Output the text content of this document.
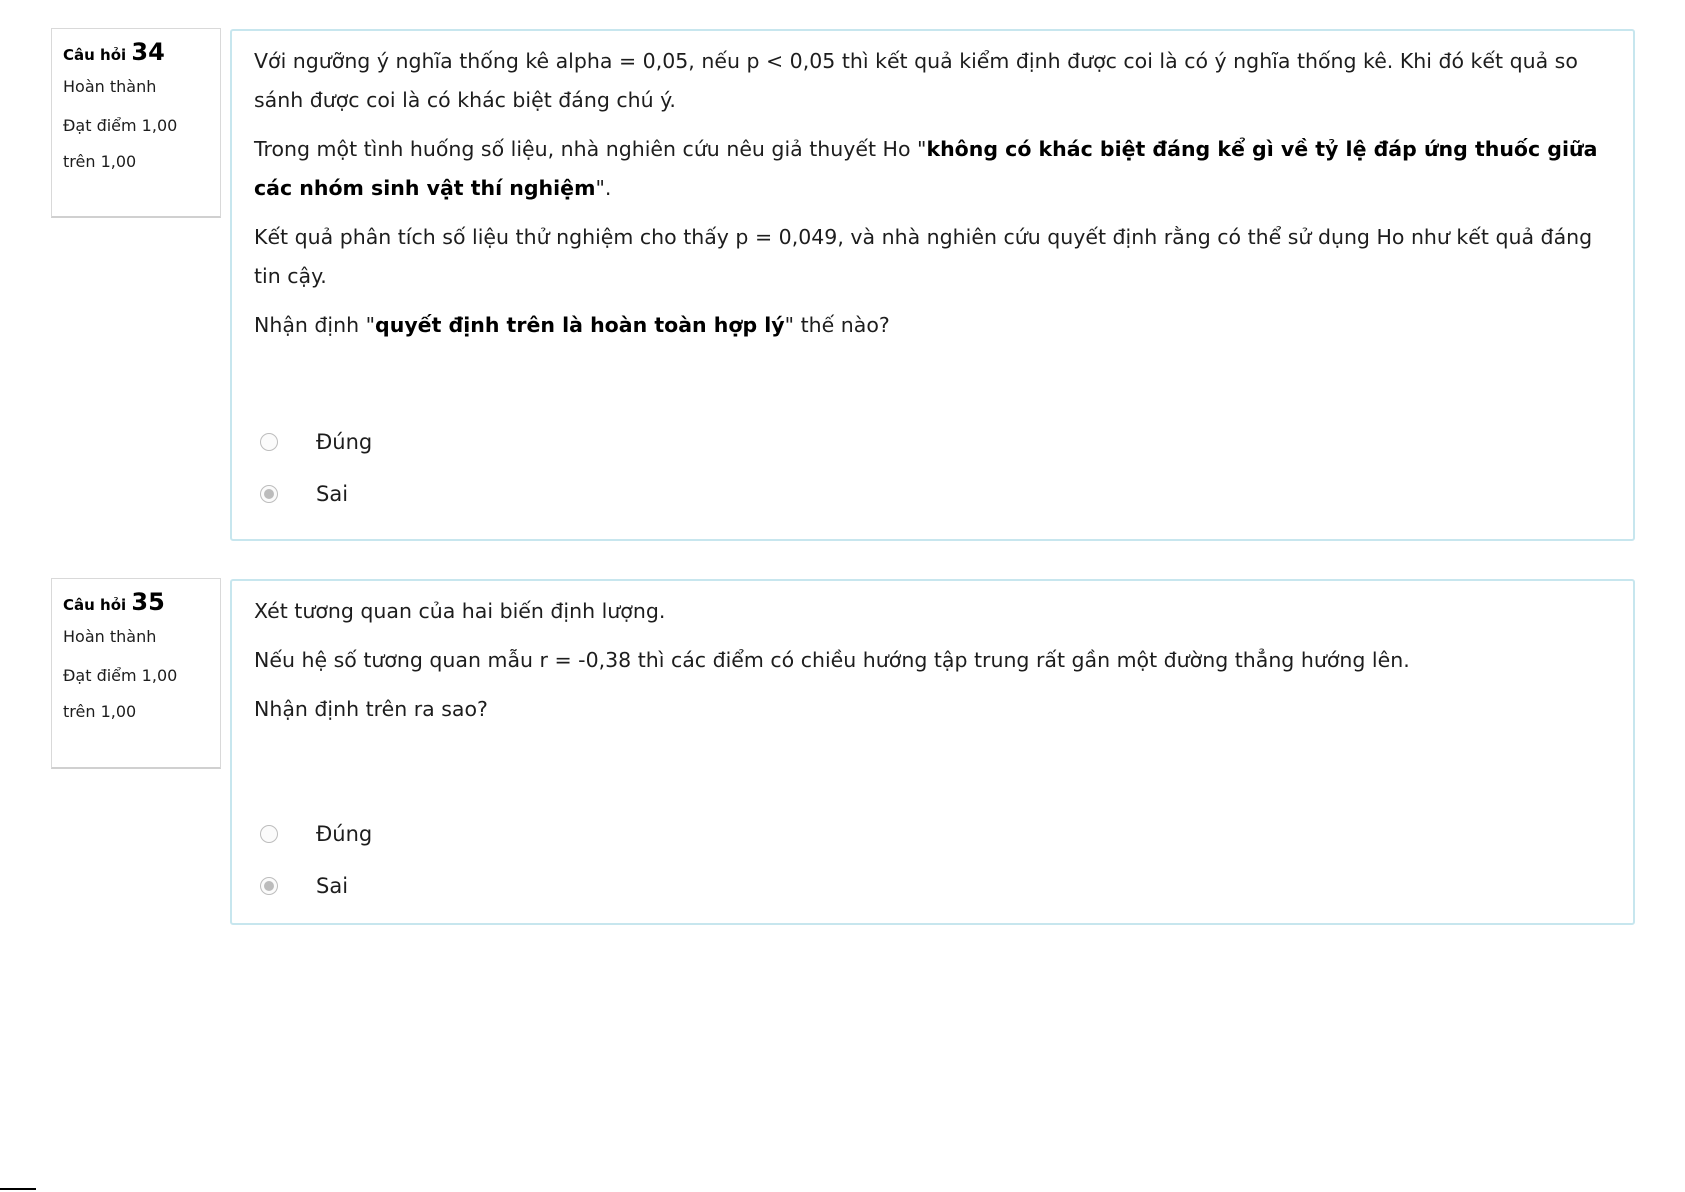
Câu hỏi 34
Hoàn thành
Đạt điểm 1,00
trên 1,00

Với ngưỡng ý nghĩa thống kê alpha = 0,05, nếu p < 0,05 thì kết quả kiểm định được coi là có ý nghĩa thống kê. Khi đó kết quả so sánh được coi là có khác biệt đáng chú ý.

Trong một tình huống số liệu, nhà nghiên cứu nêu giả thuyết Ho "không có khác biệt đáng kể gì về tỷ lệ đáp ứng thuốc giữa các nhóm sinh vật thí nghiệm".

Kết quả phân tích số liệu thử nghiệm cho thấy p = 0,049, và nhà nghiên cứu quyết định rằng có thể sử dụng Ho như kết quả đáng tin cậy.

Nhận định "quyết định trên là hoàn toàn hợp lý" thế nào?

Đúng
Sai
Câu hỏi 35
Hoàn thành
Đạt điểm 1,00
trên 1,00

Xét tương quan của hai biến định lượng.

Nếu hệ số tương quan mẫu r = -0,38 thì các điểm có chiều hướng tập trung rất gần một đường thẳng hướng lên.

Nhận định trên ra sao?

Đúng
Sai
